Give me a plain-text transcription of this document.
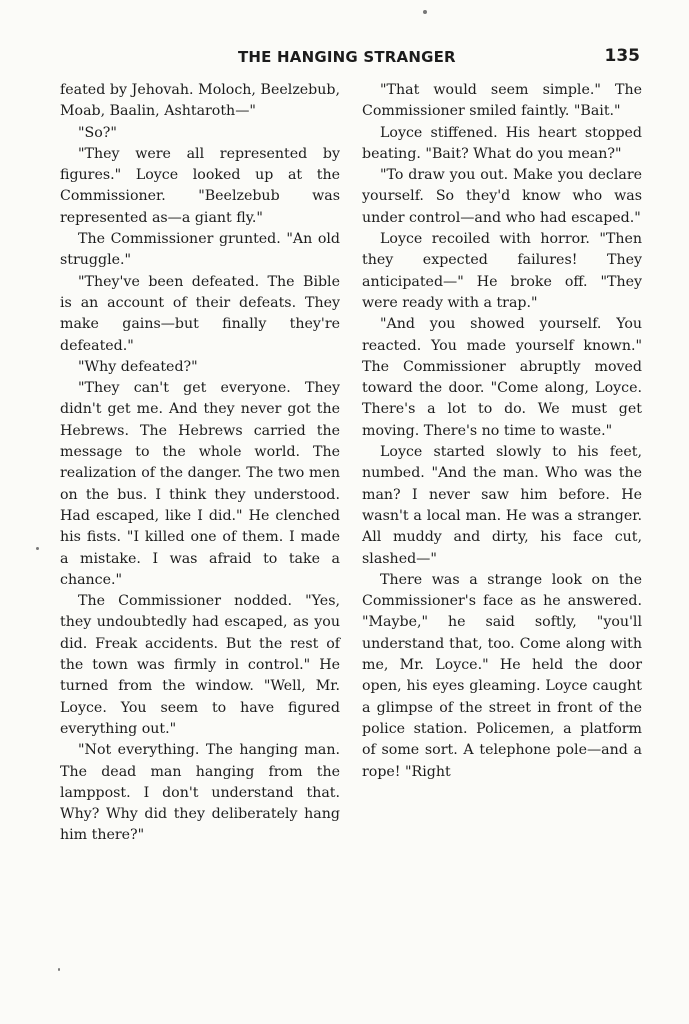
THE HANGING STRANGER	135

feated by Jehovah. Moloch, Beelzebub, Moab, Baalin, Ashtaroth—"

"So?"

"They were all represented by figures." Loyce looked up at the Commissioner. "Beelzebub was represented as—a giant fly."

The Commissioner grunted. "An old struggle."

"They've been defeated. The Bible is an account of their defeats. They make gains—but finally they're defeated."

"Why defeated?"

"They can't get everyone. They didn't get me. And they never got the Hebrews. The Hebrews carried the message to the whole world. The realization of the danger. The two men on the bus. I think they understood. Had escaped, like I did." He clenched his fists. "I killed one of them. I made a mistake. I was afraid to take a chance."

The Commissioner nodded. "Yes, they undoubtedly had escaped, as you did. Freak accidents. But the rest of the town was firmly in control." He turned from the window. "Well, Mr. Loyce. You seem to have figured everything out."

"Not everything. The hanging man. The dead man hanging from the lamppost. I don't understand that. Why? Why did they deliberately hang him there?"

"That would seem simple." The Commissioner smiled faintly. "Bait."

Loyce stiffened. His heart stopped beating. "Bait? What do you mean?"

"To draw you out. Make you declare yourself. So they'd know who was under control—and who had escaped."

Loyce recoiled with horror. "Then they expected failures! They anticipated—" He broke off. "They were ready with a trap."

"And you showed yourself. You reacted. You made yourself known." The Commissioner abruptly moved toward the door. "Come along, Loyce. There's a lot to do. We must get moving. There's no time to waste."

Loyce started slowly to his feet, numbed. "And the man. Who was the man? I never saw him before. He wasn't a local man. He was a stranger. All muddy and dirty, his face cut, slashed—"

There was a strange look on the Commissioner's face as he answered. "Maybe," he said softly, "you'll understand that, too. Come along with me, Mr. Loyce." He held the door open, his eyes gleaming. Loyce caught a glimpse of the street in front of the police station. Policemen, a platform of some sort. A telephone pole—and a rope! "Right
